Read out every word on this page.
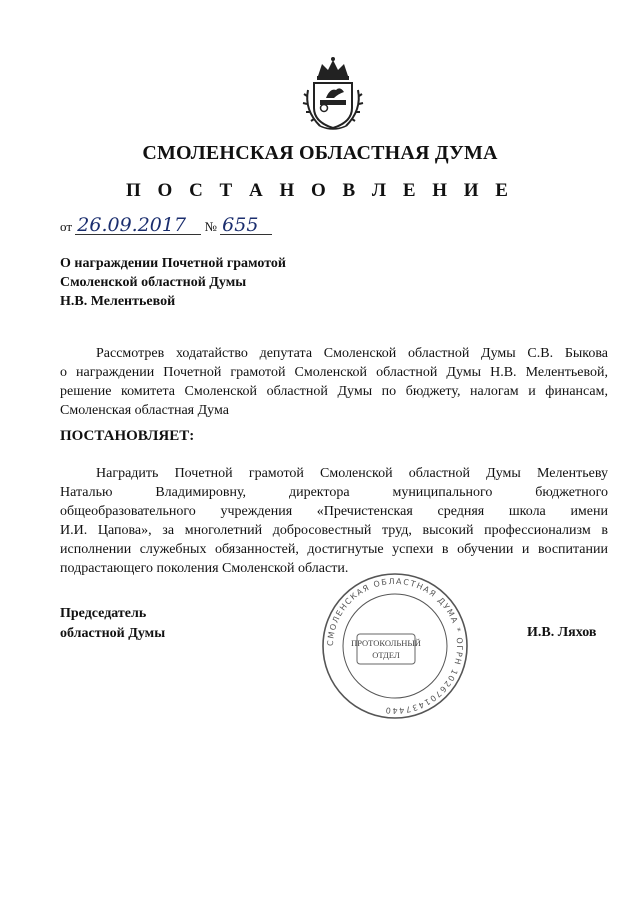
СМОЛЕНСКАЯ ОБЛАСТНАЯ ДУМА
П О С Т А Н О В Л Е Н И Е
от 26.09.2017 № 655
О награждении Почетной грамотой
Смоленской областной Думы
Н.В. Мелентьевой
Рассмотрев ходатайство депутата Смоленской областной Думы С.В. Быкова
о награждении Почетной грамотой Смоленской областной Думы Н.В. Мелентьевой,
решение комитета Смоленской областной Думы по бюджету, налогам и финансам,
Смоленская областная Дума
ПОСТАНОВЛЯЕТ:
Наградить Почетной грамотой Смоленской областной Думы Мелентьеву
Наталью Владимировну, директора муниципального бюджетного
общеобразовательного учреждения «Пречистенская средняя школа имени
И.И. Цапова», за многолетний добросовестный труд, высокий профессионализм в
исполнении служебных обязанностей, достигнутые успехи в обучении и воспитании
подрастающего поколения Смоленской области.
Председатель
областной Думы
СМОЛЕНСКАЯ ОБЛАСТНАЯ ДУМА * ОГРН 1026701437440
ПРОТОКОЛЬНЫЙ
ОТДЕЛ
И.В. Ляхов
